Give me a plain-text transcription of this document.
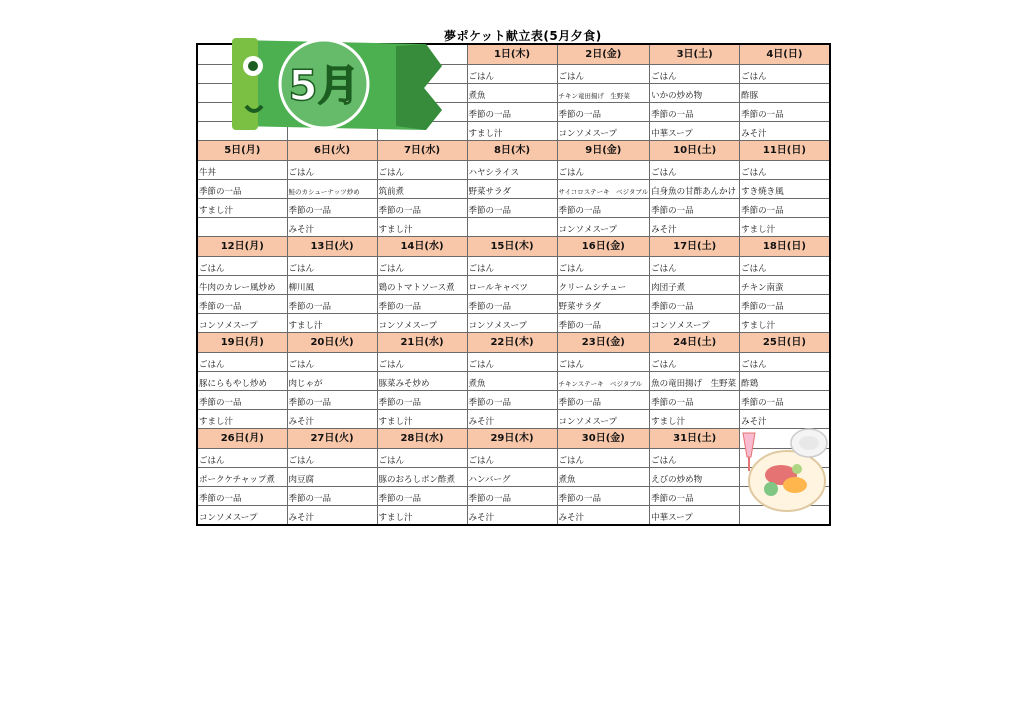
夢ポケット献立表(5月夕食)
			1日(木)	2日(金)	3日(土)	4日(日)
			ごはん	ごはん	ごはん	ごはん
			煮魚	チキン竜田揚げ　生野菜	いかの炒め物	酢豚
			季節の一品	季節の一品	季節の一品	季節の一品
			すまし汁	コンソメスープ	中華スープ	みそ汁
5日(月)	6日(火)	7日(水)	8日(木)	9日(金)	10日(土)	11日(日)
牛丼	ごはん	ごはん	ハヤシライス	ごはん	ごはん	ごはん
季節の一品	鮭のカシューナッツ炒め	筑前煮	野菜サラダ	サイコロステーキ　ベジタブル	白身魚の甘酢あんかけ	すき焼き風
すまし汁	季節の一品	季節の一品	季節の一品	季節の一品	季節の一品	季節の一品
	みそ汁	すまし汁		コンソメスープ	みそ汁	すまし汁
12日(月)	13日(火)	14日(水)	15日(木)	16日(金)	17日(土)	18日(日)
ごはん	ごはん	ごはん	ごはん	ごはん	ごはん	ごはん
牛肉のカレー風炒め	柳川風	鶏のトマトソース煮	ロールキャベツ	クリームシチュー	肉団子煮	チキン南蛮
季節の一品	季節の一品	季節の一品	季節の一品	野菜サラダ	季節の一品	季節の一品
コンソメスープ	すまし汁	コンソメスープ	コンソメスープ	季節の一品	コンソメスープ	すまし汁
19日(月)	20日(火)	21日(水)	22日(木)	23日(金)	24日(土)	25日(日)
ごはん	ごはん	ごはん	ごはん	ごはん	ごはん	ごはん
豚にらもやし炒め	肉じゃが	豚菜みそ炒め	煮魚	チキンステーキ　ベジタブル	魚の竜田揚げ　生野菜	酢鶏
季節の一品	季節の一品	季節の一品	季節の一品	季節の一品	季節の一品	季節の一品
すまし汁	みそ汁	すまし汁	みそ汁	コンソメスープ	すまし汁	みそ汁
26日(月)	27日(火)	28日(水)	29日(木)	30日(金)	31日(土)	
ごはん	ごはん	ごはん	ごはん	ごはん	ごはん	
ポークケチャップ煮	肉豆腐	豚のおろしポン酢煮	ハンバーグ	煮魚	えびの炒め物	
季節の一品	季節の一品	季節の一品	季節の一品	季節の一品	季節の一品	
コンソメスープ	みそ汁	すまし汁	みそ汁	みそ汁	中華スープ	
5月
